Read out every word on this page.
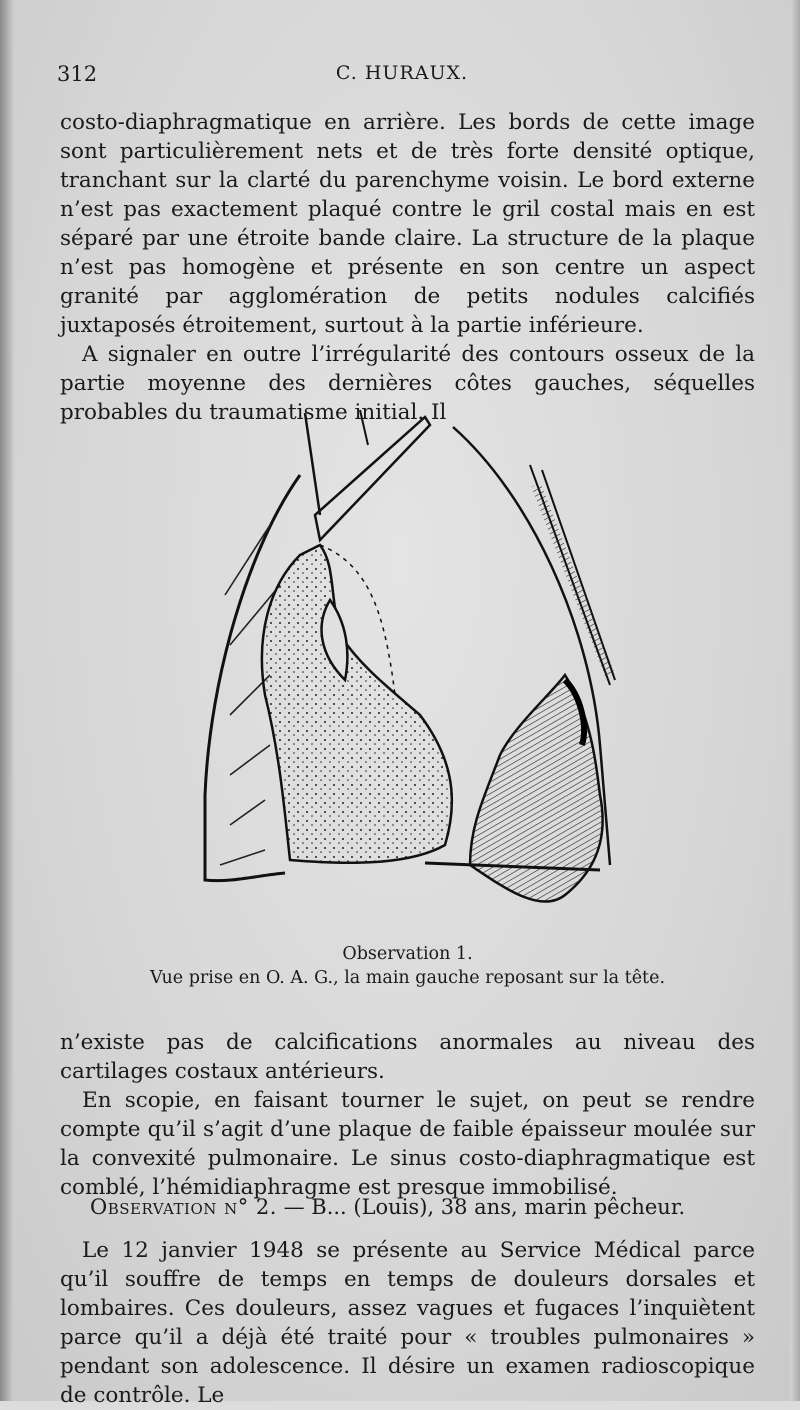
312	C. HURAUX.

costo-diaphragmatique en arrière. Les bords de cette image sont particulièrement nets et de très forte densité optique, tranchant sur la clarté du parenchyme voisin. Le bord externe n’est pas exactement plaqué contre le gril costal mais en est séparé par une étroite bande claire. La structure de la plaque n’est pas homogène et présente en son centre un aspect granité par agglomération de petits nodules calcifiés juxtaposés étroitement, surtout à la partie inférieure.

A signaler en outre l’irrégularité des contours osseux de la partie moyenne des dernières côtes gauches, séquelles probables du traumatisme initial. Il

Observation 1.
Vue prise en O. A. G., la main gauche reposant sur la tête.

n’existe pas de calcifications anormales au niveau des cartilages costaux antérieurs.

En scopie, en faisant tourner le sujet, on peut se rendre compte qu’il s’agit d’une plaque de faible épaisseur moulée sur la convexité pulmonaire. Le sinus costo-diaphragmatique est comblé, l’hémidiaphragme est presque immobilisé.

Observation n° 2. — B... (Louis), 38 ans, marin pêcheur.

Le 12 janvier 1948 se présente au Service Médical parce qu’il souffre de temps en temps de douleurs dorsales et lombaires. Ces douleurs, assez vagues et fugaces l’inquiètent parce qu’il a déjà été traité pour « troubles pulmonaires » pendant son adolescence. Il désire un examen radioscopique de contrôle. Le
